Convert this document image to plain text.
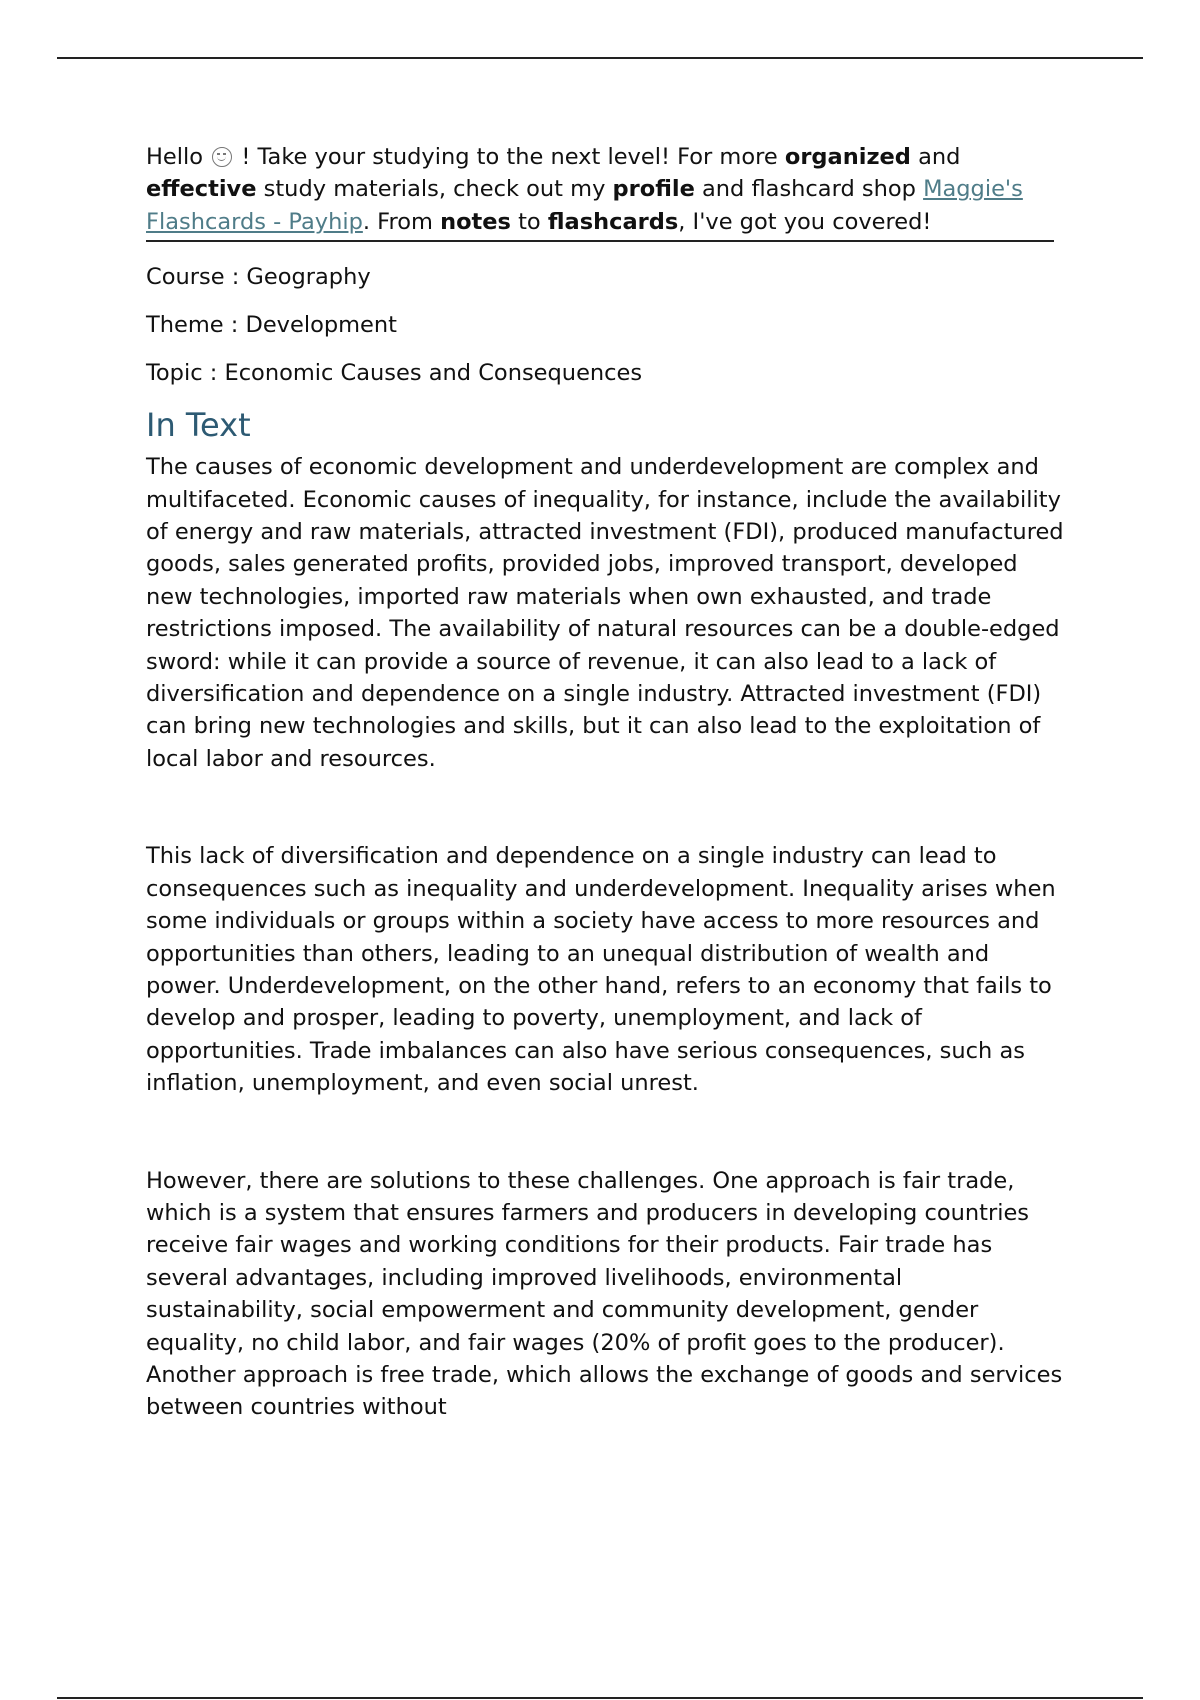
Hello  ! Take your studying to the next level! For more organized and effective study materials, check out my profile and flashcard shop Maggie's Flashcards - Payhip. From notes to flashcards, I've got you covered!

Course : Geography

Theme : Development

Topic : Economic Causes and Consequences

In Text

The causes of economic development and underdevelopment are complex and multifaceted. Economic causes of inequality, for instance, include the availability of energy and raw materials, attracted investment (FDI), produced manufactured goods, sales generated profits, provided jobs, improved transport, developed new technologies, imported raw materials when own exhausted, and trade restrictions imposed. The availability of natural resources can be a double-edged sword: while it can provide a source of revenue, it can also lead to a lack of diversification and dependence on a single industry. Attracted investment (FDI) can bring new technologies and skills, but it can also lead to the exploitation of local labor and resources.

This lack of diversification and dependence on a single industry can lead to consequences such as inequality and underdevelopment. Inequality arises when some individuals or groups within a society have access to more resources and opportunities than others, leading to an unequal distribution of wealth and power. Underdevelopment, on the other hand, refers to an economy that fails to develop and prosper, leading to poverty, unemployment, and lack of opportunities. Trade imbalances can also have serious consequences, such as inflation, unemployment, and even social unrest.

However, there are solutions to these challenges. One approach is fair trade, which is a system that ensures farmers and producers in developing countries receive fair wages and working conditions for their products. Fair trade has several advantages, including improved livelihoods, environmental sustainability, social empowerment and community development, gender equality, no child labor, and fair wages (20% of profit goes to the producer). Another approach is free trade, which allows the exchange of goods and services between countries without
